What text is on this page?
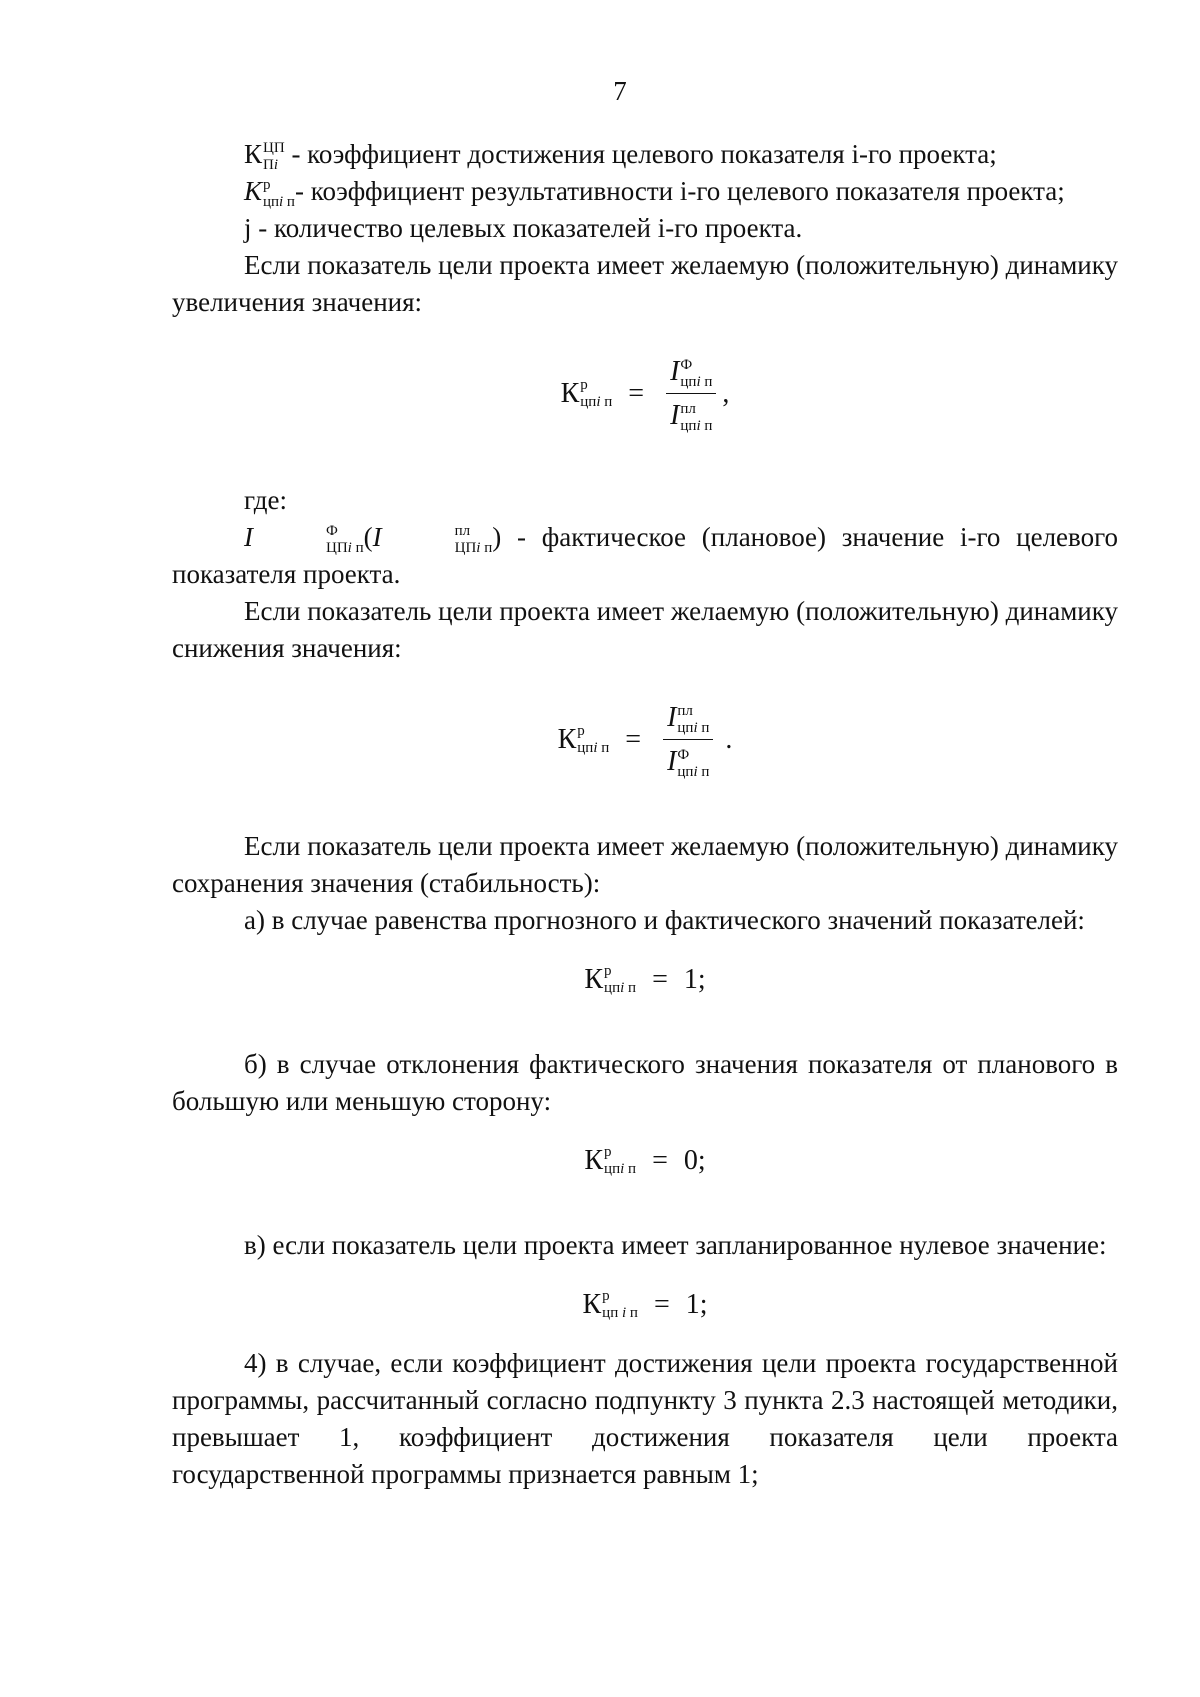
7

К ЦП
Пi - коэффициент достижения целевого показателя i-го проекта;

К р
цпi п - коэффициент результативности i-го целевого показателя проекта;

j - количество целевых показателей i-го проекта.

Если показатель цели проекта имеет желаемую (положительную) динамику увеличения значения:

К р
цпi п = I Ф
цпi п
I пл
цпi п ,

где:

I	Ф
ЦПi п (I	пл
ЦПi п ) - фактическое (плановое) значение i-го целевого показателя проекта.

Если показатель цели проекта имеет желаемую (положительную) динамику снижения значения:

К р
цпi п = I пл
цпi п
I Ф
цпi п .

Если показатель цели проекта имеет желаемую (положительную) динамику сохранения значения (стабильность):

а) в случае равенства прогнозного и фактического значений показателей:

К р
цпi п = 1;

б) в случае отклонения фактического значения показателя от планового в большую или меньшую сторону:

К р
цпi п = 0;

в) если показатель цели проекта имеет запланированное нулевое значение:

К р
цп i п = 1;

4) в случае, если коэффициент достижения цели проекта государственной программы, рассчитанный согласно подпункту 3 пункта 2.3 настоящей методики, превышает 1, коэффициент достижения показателя цели проекта государственной программы признается равным 1;
